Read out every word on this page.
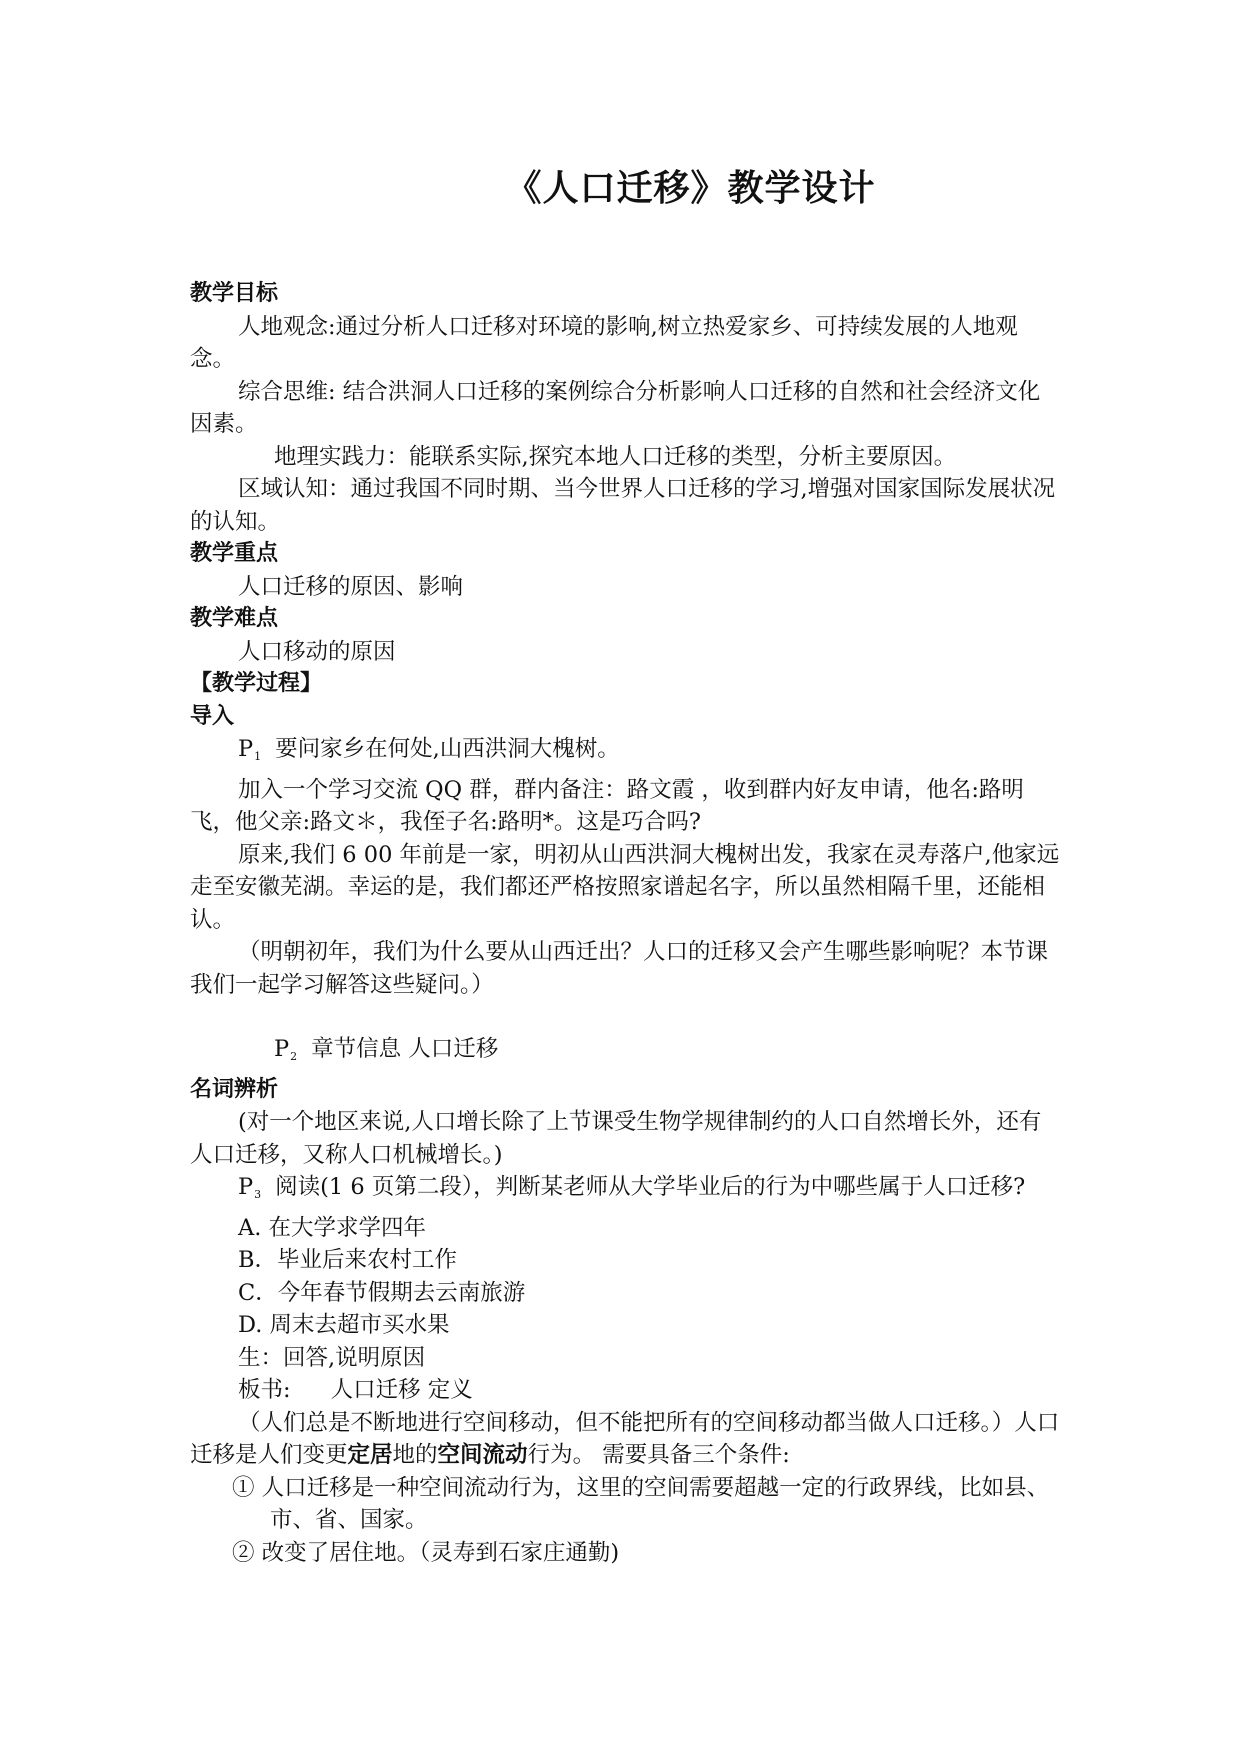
《人口迁移》教学设计

教学目标

人地观念:通过分析人口迁移对环境的影响,树立热爱家乡、可持续发展的人地观念。

综合思维: 结合洪洞人口迁移的案例综合分析影响人口迁移的自然和社会经济文化因素。

地理实践力：能联系实际,探究本地人口迁移的类型，分析主要原因。

区域认知：通过我国不同时期、当今世界人口迁移的学习,增强对国家国际发展状况的认知。

教学重点

人口迁移的原因、影响

教学难点

人口移动的原因

【教学过程】

导入

$P_1$ 要问家乡在何处,山西洪洞大槐树。

加入一个学习交流 QQ 群，群内备注：路文霞 ，收到群内好友申请，他名:路明飞，他父亲:路文＊，我侄子名:路明*。这是巧合吗?

原来,我们 6 00 年前是一家，明初从山西洪洞大槐树出发，我家在灵寿落户,他家远走至安徽芜湖。幸运的是，我们都还严格按照家谱起名字，所以虽然相隔千里，还能相认。

（明朝初年，我们为什么要从山西迁出？人口的迁移又会产生哪些影响呢？本节课我们一起学习解答这些疑问。）

$P_2$ 章节信息 人口迁移

名词辨析

(对一个地区来说,人口增长除了上节课受生物学规律制约的人口自然增长外，还有人口迁移，又称人口机械增长。)

$P_3$ 阅读(1 6 页第二段），判断某老师从大学毕业后的行为中哪些属于人口迁移?

A. 在大学求学四年

B．毕业后来农村工作

C．今年春节假期去云南旅游

D. 周末去超市买水果

生：回答,说明原因

板书: 人口迁移 定义

（人们总是不断地进行空间移动，但不能把所有的空间移动都当做人口迁移。）人口迁移是人们变更定居地的空间流动行为。 需要具备三个条件:

① 人口迁移是一种空间流动行为，这里的空间需要超越一定的行政界线，比如县、市、省、国家。

② 改变了居住地。（灵寿到石家庄通勤)
